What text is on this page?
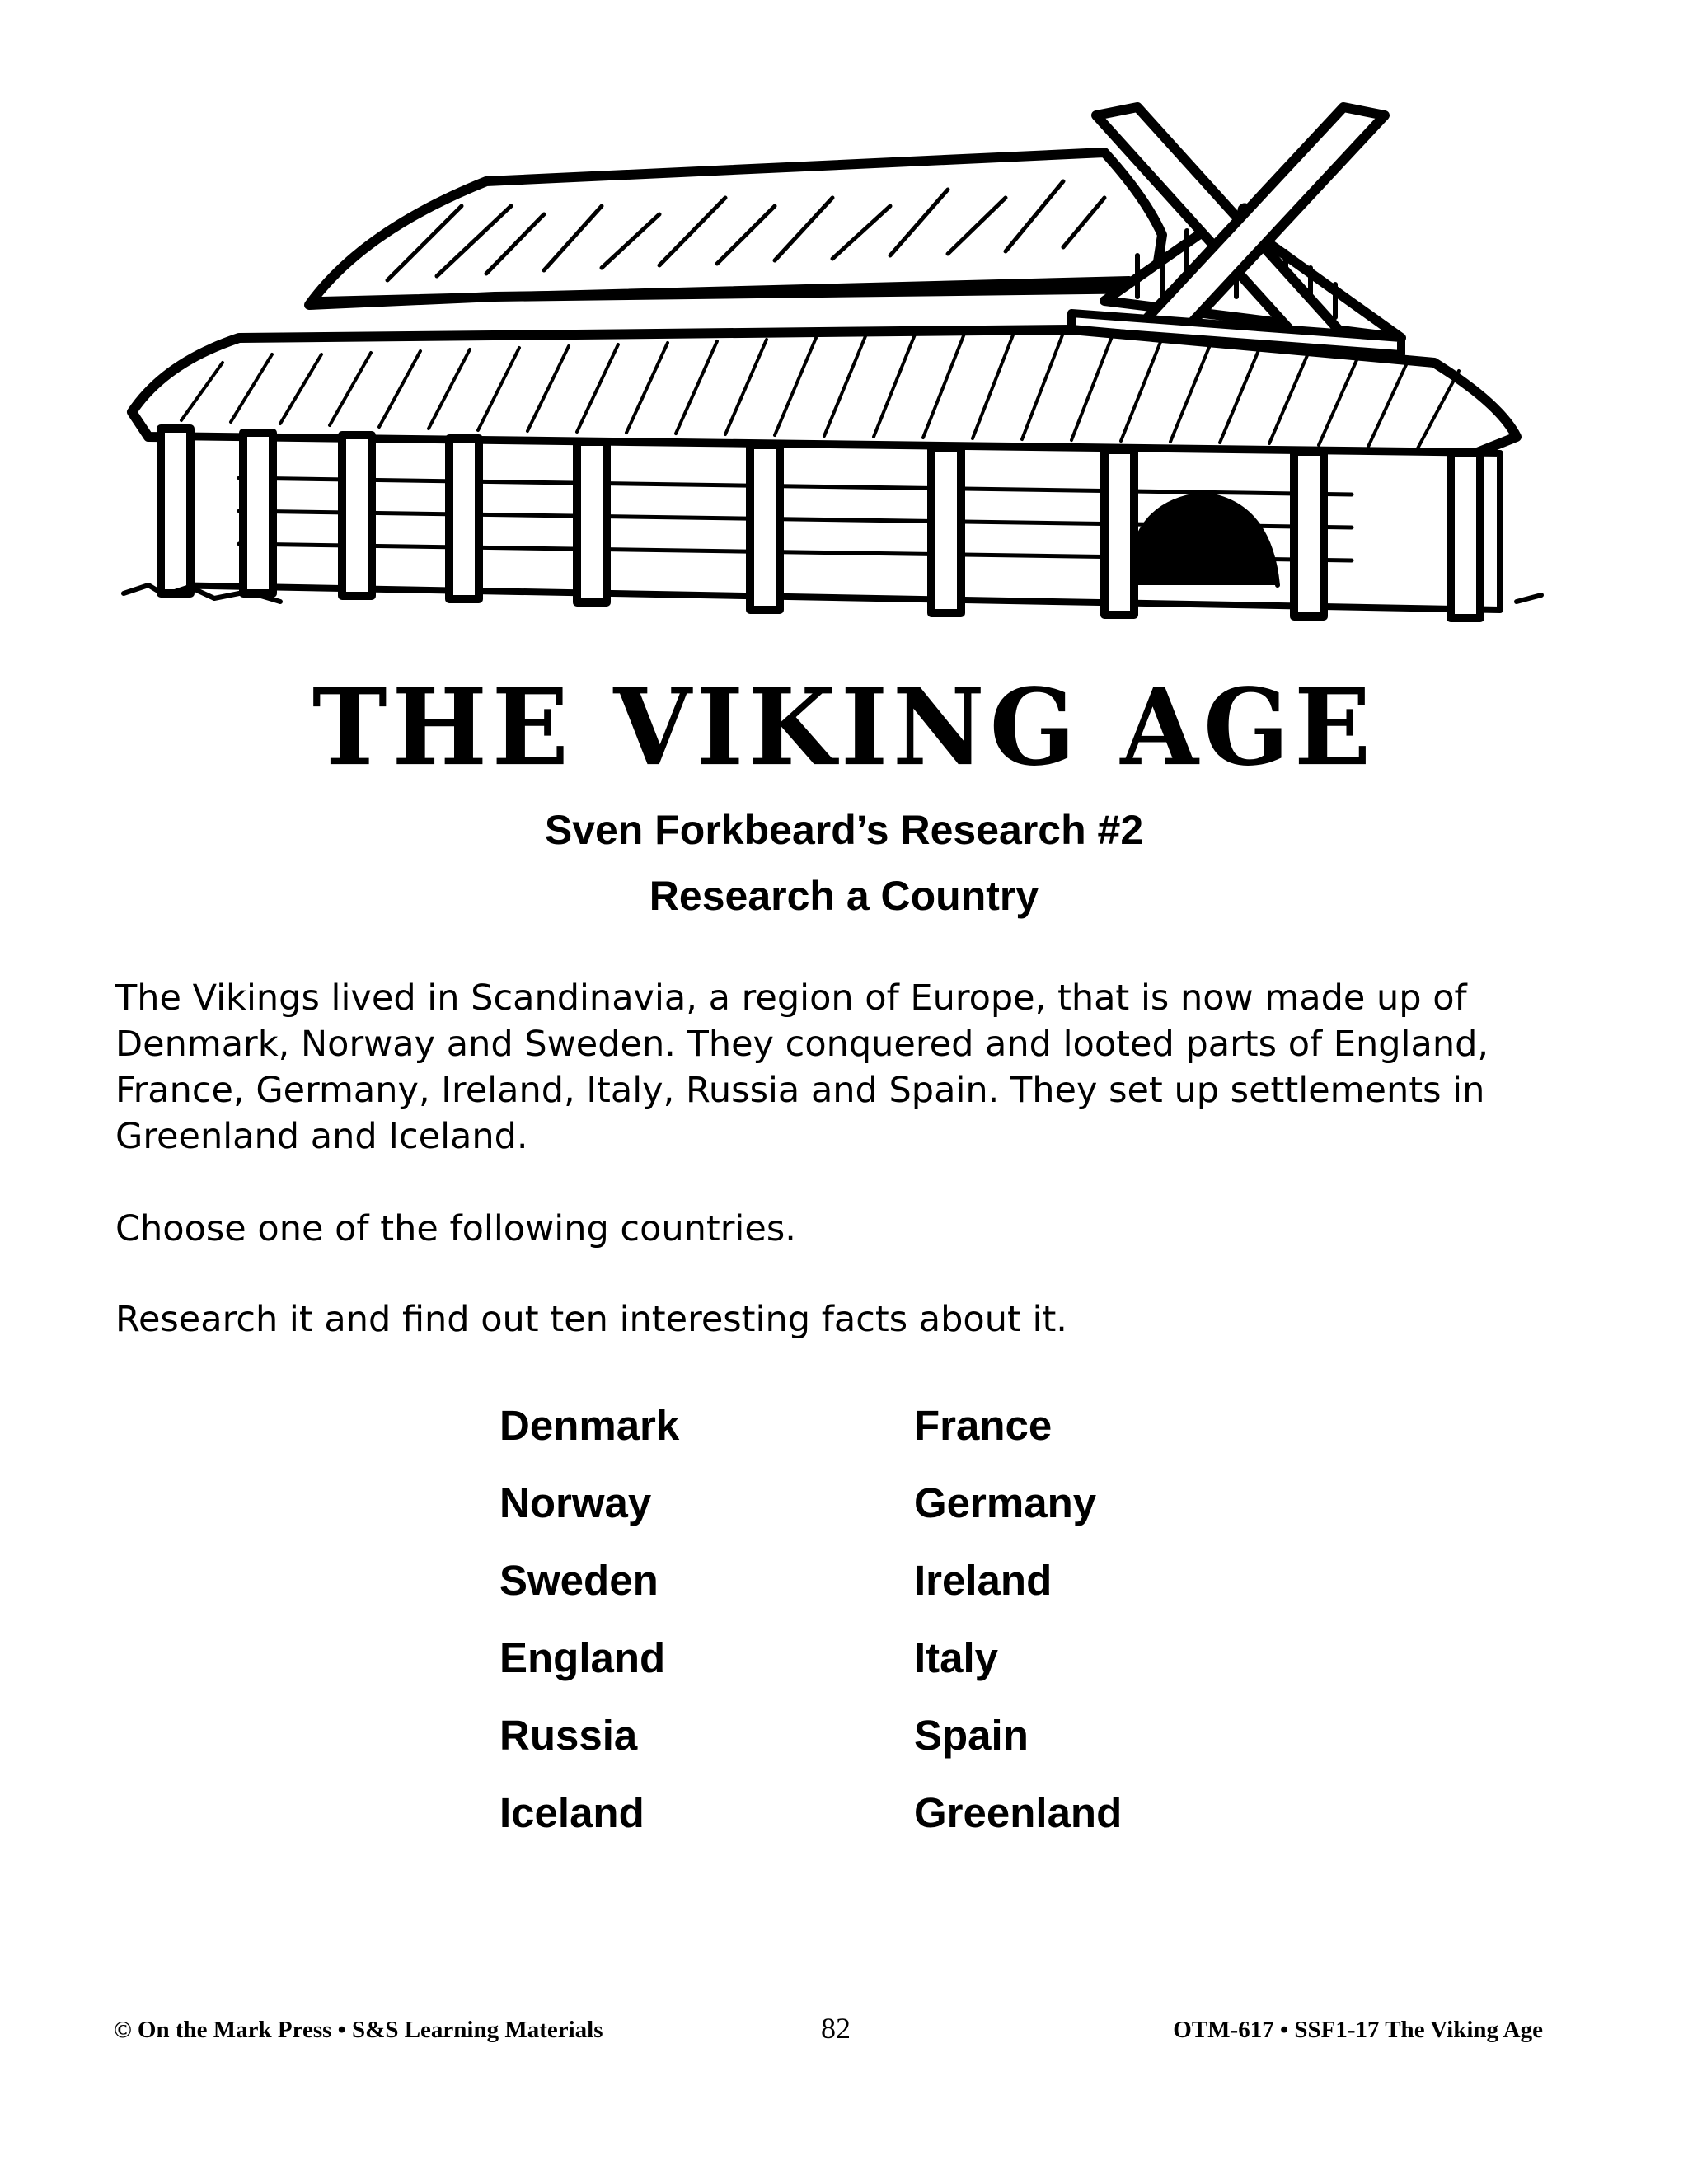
THE VIKING AGE
Sven Forkbeard’s Research #2
Research a Country

The Vikings lived in Scandinavia, a region of Europe, that is now made up of Denmark, Norway and Sweden. They conquered and looted parts of England, France, Germany, Ireland, Italy, Russia and Spain. They set up settlements in Greenland and Iceland.

Choose one of the following countries.

Research it and find out ten interesting facts about it.

Denmark
Norway
Sweden
England
Russia
Iceland
France
Germany
Ireland
Italy
Spain
Greenland
© On the Mark Press • S&S Learning Materials	82	OTM-617 • SSF1-17 The Viking Age
